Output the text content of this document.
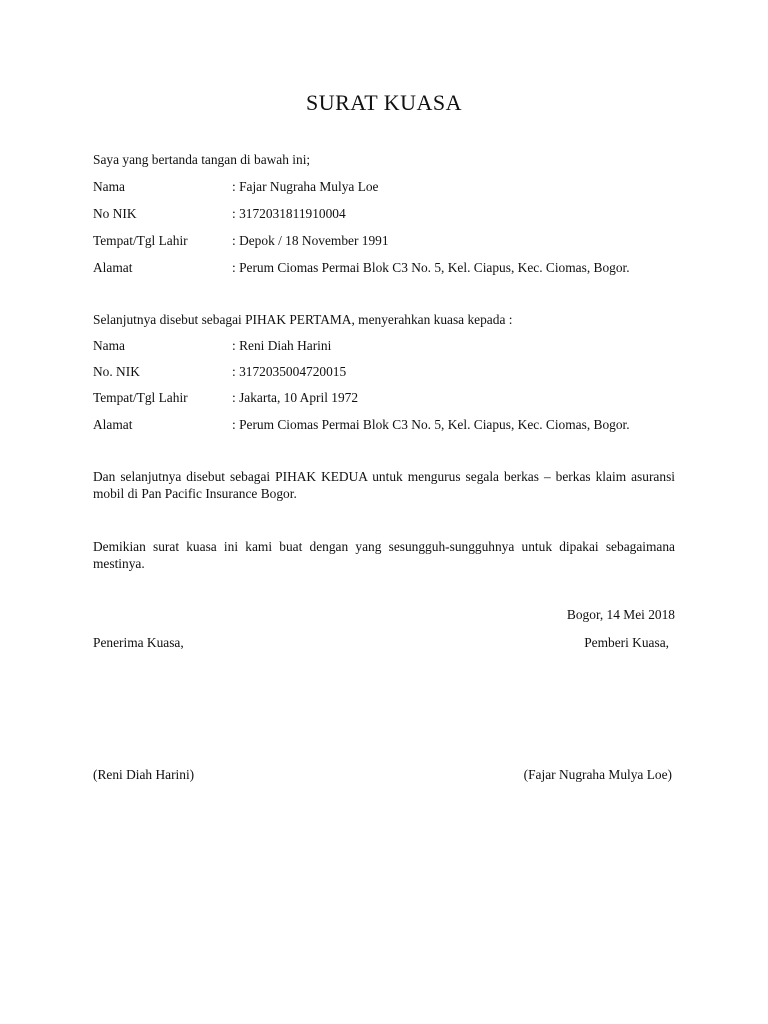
SURAT KUASA
Saya yang bertanda tangan di bawah ini;
Nama	: Fajar Nugraha Mulya Loe
No NIK	: 3172031811910004
Tempat/Tgl Lahir	: Depok / 18 November 1991
Alamat	: Perum Ciomas Permai Blok C3 No. 5, Kel. Ciapus, Kec. Ciomas, Bogor.
Selanjutnya disebut sebagai PIHAK PERTAMA, menyerahkan kuasa kepada :
Nama	: Reni Diah Harini
No. NIK	: 3172035004720015
Tempat/Tgl Lahir	: Jakarta, 10 April 1972
Alamat	: Perum Ciomas Permai Blok C3 No. 5, Kel. Ciapus, Kec. Ciomas, Bogor.
Dan selanjutnya disebut sebagai PIHAK KEDUA untuk mengurus segala berkas – berkas klaim asuransi mobil di Pan Pacific Insurance Bogor.
Demikian surat kuasa ini kami buat dengan yang sesungguh-sungguhnya untuk dipakai sebagaimana mestinya.
Bogor, 14 Mei 2018
Penerima Kuasa,	Pemberi Kuasa,
(Reni Diah Harini)	(Fajar Nugraha Mulya Loe)
